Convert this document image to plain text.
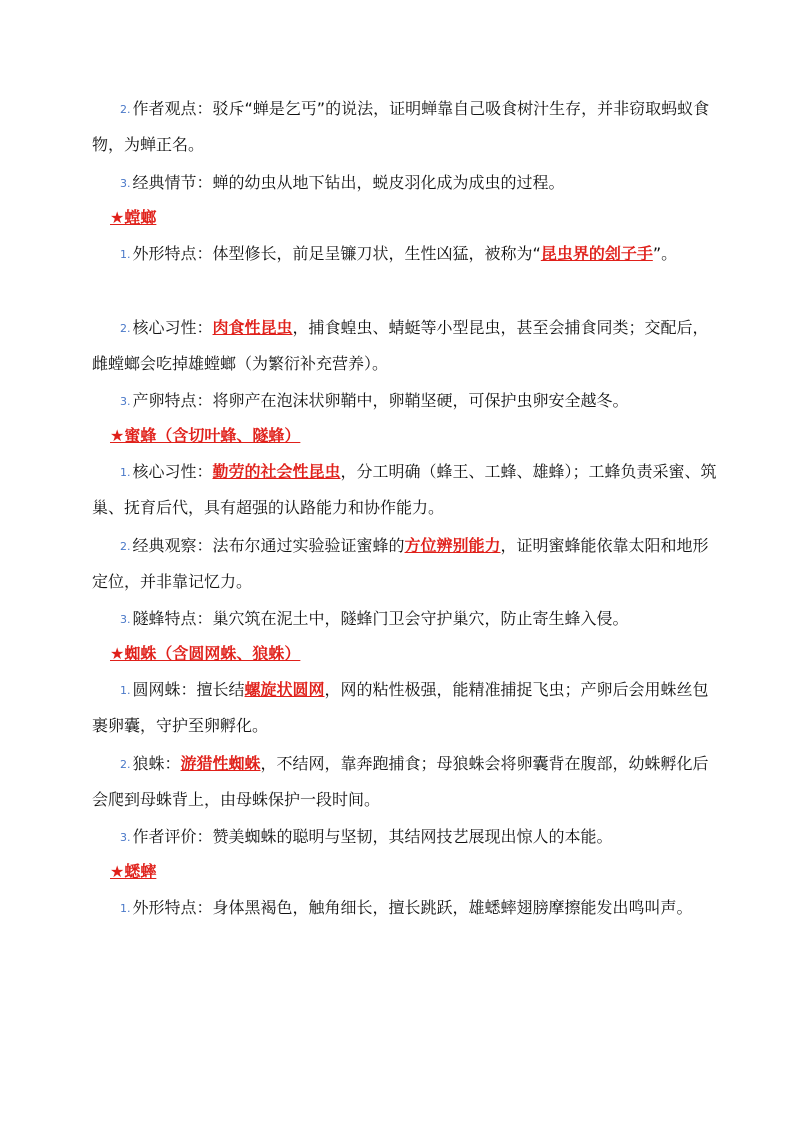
2. 作者观点：驳斥“蝉是乞丐”的说法，证明蝉靠自己吸食树汁生存，并非窃取蚂蚁食物，为蝉正名。
3. 经典情节：蝉的幼虫从地下钻出，蜕皮羽化成为成虫的过程。
★螳螂
1. 外形特点：体型修长，前足呈镰刀状，生性凶猛，被称为“昆虫界的刽子手”。
2. 核心习性：肉食性昆虫，捕食蝗虫、蜻蜓等小型昆虫，甚至会捕食同类；交配后，雌螳螂会吃掉雄螳螂（为繁衍补充营养）。
3. 产卵特点：将卵产在泡沫状卵鞘中，卵鞘坚硬，可保护虫卵安全越冬。
★蜜蜂（含切叶蜂、隧蜂）
1. 核心习性：勤劳的社会性昆虫，分工明确（蜂王、工蜂、雄蜂）；工蜂负责采蜜、筑巢、抚育后代，具有超强的认路能力和协作能力。
2. 经典观察：法布尔通过实验验证蜜蜂的方位辨别能力，证明蜜蜂能依靠太阳和地形定位，并非靠记忆力。
3. 隧蜂特点：巢穴筑在泥土中，隧蜂门卫会守护巢穴，防止寄生蜂入侵。
★蜘蛛（含圆网蛛、狼蛛）
1. 圆网蛛：擅长结螺旋状圆网，网的粘性极强，能精准捕捉飞虫；产卵后会用蛛丝包裹卵囊，守护至卵孵化。
2. 狼蛛：游猎性蜘蛛，不结网，靠奔跑捕食；母狼蛛会将卵囊背在腹部，幼蛛孵化后会爬到母蛛背上，由母蛛保护一段时间。
3. 作者评价：赞美蜘蛛的聪明与坚韧，其结网技艺展现出惊人的本能。
★蟋蟀
1. 外形特点：身体黑褐色，触角细长，擅长跳跃，雄蟋蟀翅膀摩擦能发出鸣叫声。
